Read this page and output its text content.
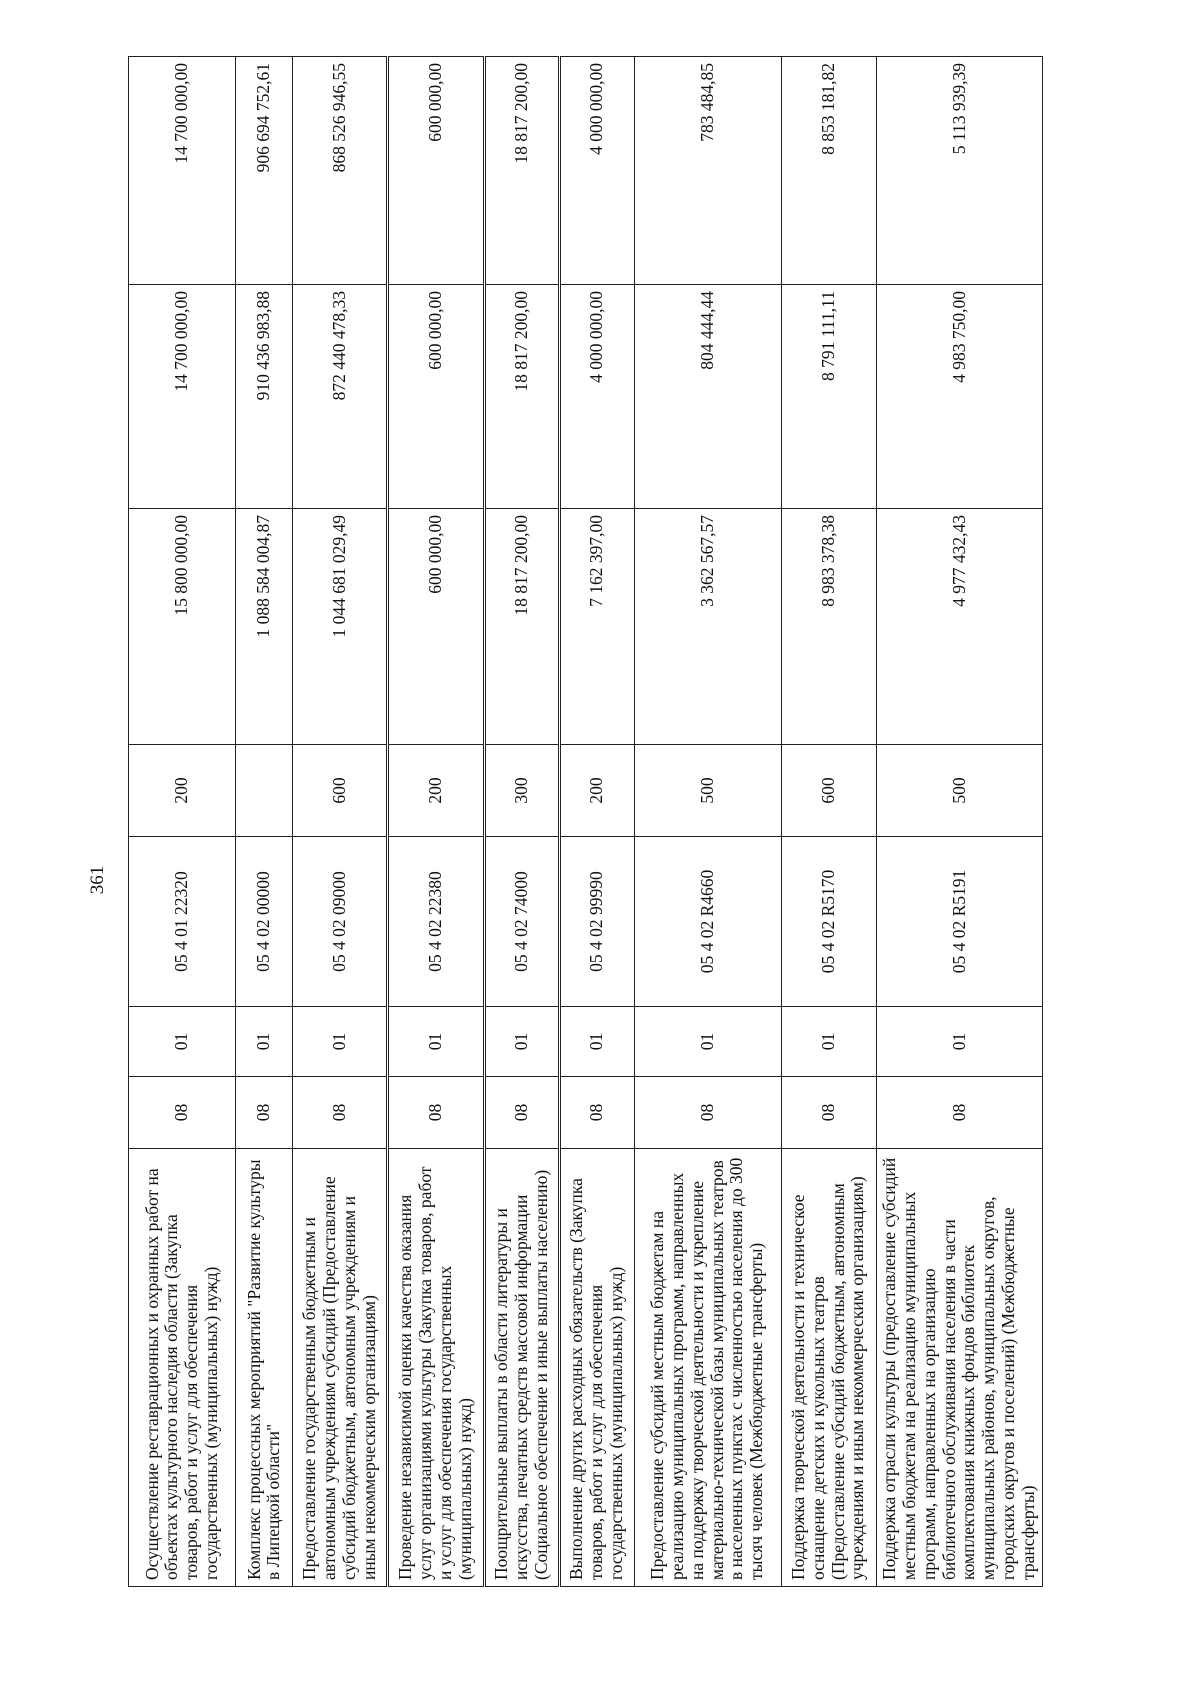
361
Осуществление реставрационных и охранных работ на объектах культурного наследия области (Закупка товаров, работ и услуг для обеспечения государственных (муниципальных) нужд)	08	01	05 4 01 22320	200	15 800 000,00	14 700 000,00	14 700 000,00
Комплекс процессных мероприятий "Развитие культуры в Липецкой области"	08	01	05 4 02 00000		1 088 584 004,87	910 436 983,88	906 694 752,61
Предоставление государственным бюджетным и автономным учреждениям субсидий (Предоставление субсидий бюджетным, автономным учреждениям и иным некоммерческим организациям)	08	01	05 4 02 09000	600	1 044 681 029,49	872 440 478,33	868 526 946,55
Проведение независимой оценки качества оказания услуг организациями культуры (Закупка товаров, работ и услуг для обеспечения государственных (муниципальных) нужд)	08	01	05 4 02 22380	200	600 000,00	600 000,00	600 000,00
Поощрительные выплаты в области литературы и искусства, печатных средств массовой информации (Социальное обеспечение и иные выплаты населению)	08	01	05 4 02 74000	300	18 817 200,00	18 817 200,00	18 817 200,00
Выполнение других расходных обязательств (Закупка товаров, работ и услуг для обеспечения государственных (муниципальных) нужд)	08	01	05 4 02 99990	200	7 162 397,00	4 000 000,00	4 000 000,00
Предоставление субсидий местным бюджетам на реализацию муниципальных программ, направленных на поддержку творческой деятельности и укрепление материально-технической базы муниципальных театров в населенных пунктах с численностью населения до 300 тысяч человек (Межбюджетные трансферты)	08	01	05 4 02 R4660	500	3 362 567,57	804 444,44	783 484,85
Поддержка творческой деятельности и техническое оснащение детских и кукольных театров (Предоставление субсидий бюджетным, автономным учреждениям и иным некоммерческим организациям)	08	01	05 4 02 R5170	600	8 983 378,38	8 791 111,11	8 853 181,82
Поддержка отрасли культуры (предоставление субсидий местным бюджетам на реализацию муниципальных программ, направленных на организацию библиотечного обслуживания населения в части комплектования книжных фондов библиотек муниципальных районов, муниципальных округов, городских округов и поселений) (Межбюджетные трансферты)	08	01	05 4 02 R5191	500	4 977 432,43	4 983 750,00	5 113 939,39
